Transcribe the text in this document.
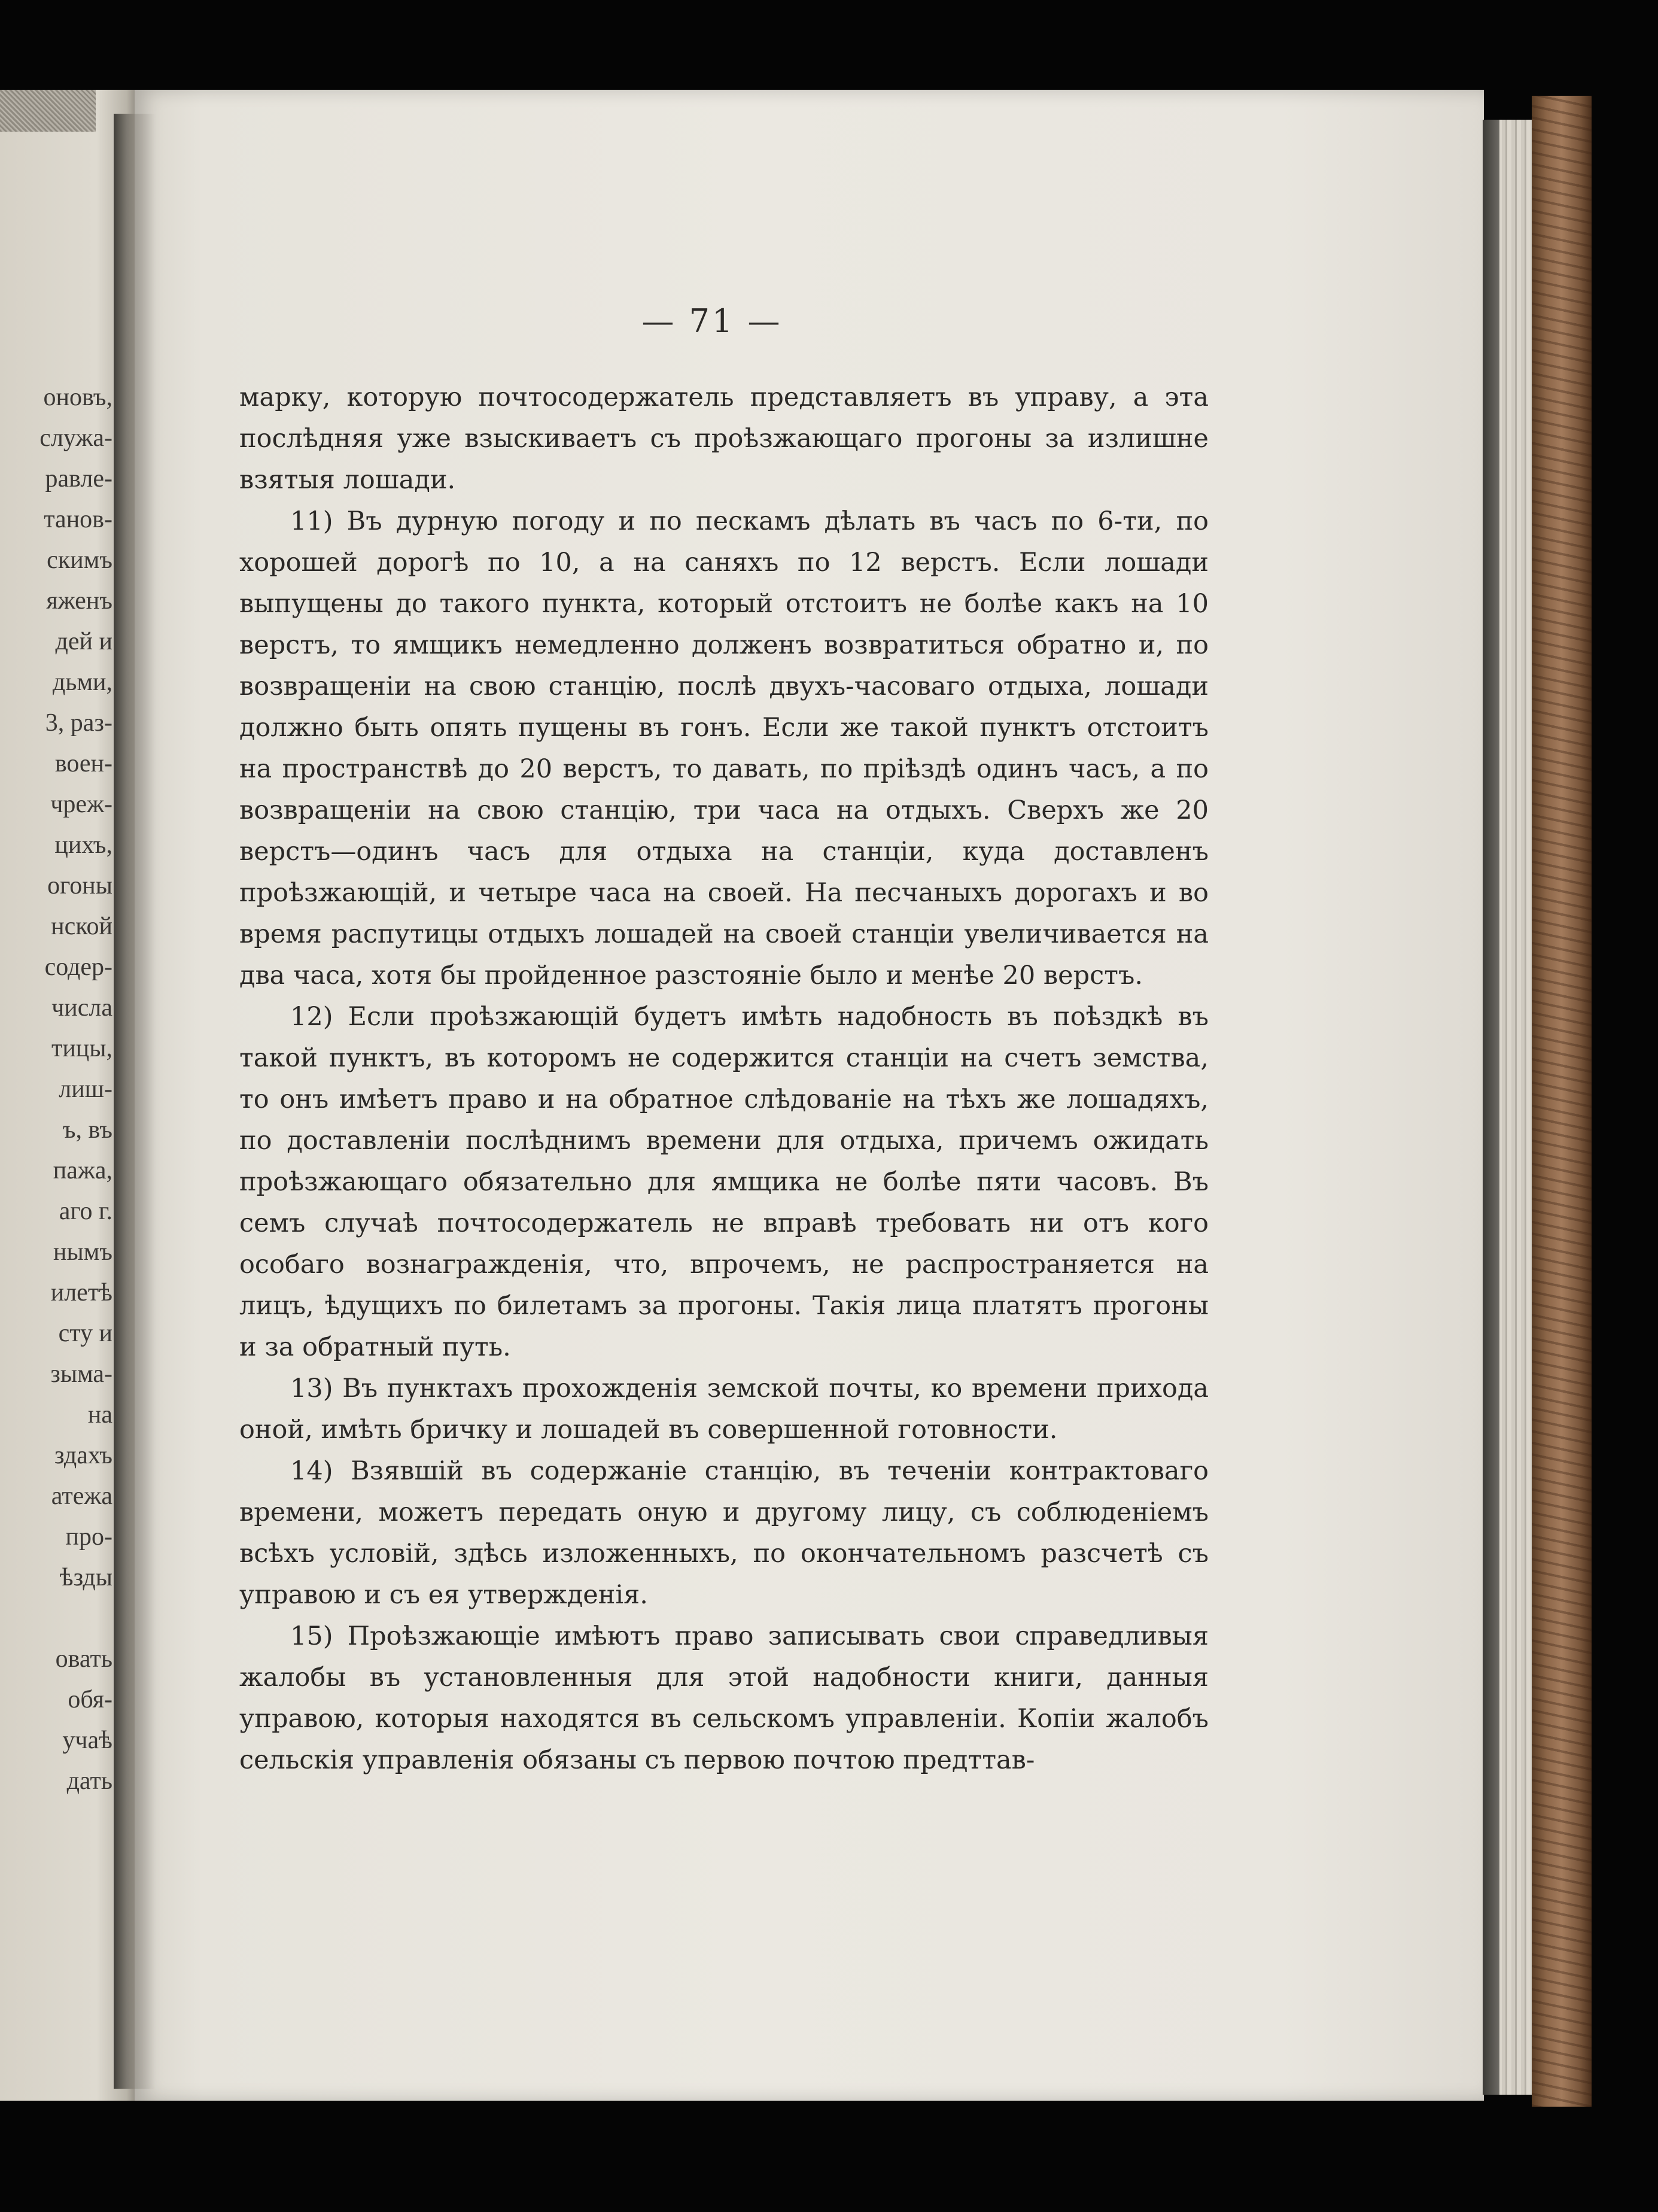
оновъ,
служа-
равле-
танов-
скимъ
яженъ
дей и
дьми,
3, раз-
воен-
чреж-
цихъ,
огоны
нской
содер-
числа
тицы,
лиш-
ъ, въ
пажа,
аго г.
нымъ
илетѣ
сту и
зыма-
на
здахъ
атежа
про-
ѣзды
овать
обя-
учаѣ
дать
— 71 —

марку, которую почтосодержатель представляетъ въ управу, а эта послѣдняя уже взыскиваетъ съ проѣзжающаго прогоны за излишне взятыя лошади.

11) Въ дурную погоду и по пескамъ дѣлать въ часъ по 6-ти, по хорошей дорогѣ по 10, а на саняхъ по 12 верстъ. Если лошади выпущены до такого пункта, который отстоитъ не болѣе какъ на 10 верстъ, то ямщикъ немедленно долженъ возвратиться обратно и, по возвращеніи на свою станцію, послѣ двухъ-часоваго отдыха, лошади должно быть опять пущены въ гонъ. Если же такой пунктъ отстоитъ на пространствѣ до 20 верстъ, то давать, по пріѣздѣ одинъ часъ, а по возвращеніи на свою станцію, три часа на отдыхъ. Сверхъ же 20 верстъ—одинъ часъ для отдыха на станціи, куда доставленъ проѣзжающій, и четыре часа на своей. На песчаныхъ дорогахъ и во время распутицы отдыхъ лошадей на своей станціи увеличивается на два часа, хотя бы пройденное разстояніе было и менѣе 20 верстъ.

12) Если проѣзжающій будетъ имѣть надобность въ поѣздкѣ въ такой пунктъ, въ которомъ не содержится станціи на счетъ земства, то онъ имѣетъ право и на обратное слѣдованіе на тѣхъ же лошадяхъ, по доставленіи послѣднимъ времени для отдыха, причемъ ожидать проѣзжающаго обязательно для ямщика не болѣе пяти часовъ. Въ семъ случаѣ почтосодержатель не вправѣ требовать ни отъ кого особаго вознагражденія, что, впрочемъ, не распространяется на лицъ, ѣдущихъ по билетамъ за прогоны. Такія лица платятъ прогоны и за обратный путь.

13) Въ пунктахъ прохожденія земской почты, ко времени прихода оной, имѣть бричку и лошадей въ совершенной готовности.

14) Взявшій въ содержаніе станцію, въ теченіи контрактоваго времени, можетъ передать оную и другому лицу, съ соблюденіемъ всѣхъ условій, здѣсь изложенныхъ, по окончательномъ разсчетѣ съ управою и съ ея утвержденія.

15) Проѣзжающіе имѣютъ право записывать свои справедливыя жалобы въ установленныя для этой надобности книги, данныя управою, которыя находятся въ сельскомъ управленіи. Копіи жалобъ сельскія управленія обязаны съ первою почтою предттав-
